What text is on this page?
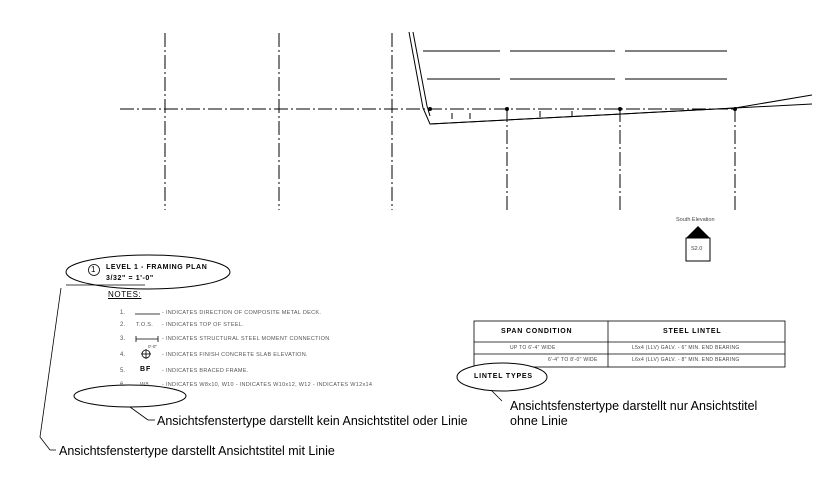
1 LEVEL 1 - FRAMING PLAN
3/32" = 1'-0"
NOTES:
1.	- INDICATES DIRECTION OF COMPOSITE METAL DECK.
2. T.O.S. - INDICATES TOP OF STEEL.
3.	- INDICATES STRUCTURAL STEEL MOMENT CONNECTION
0'-0"
4.	- INDICATES FINISH CONCRETE SLAB ELEVATION.
5. BF - INDICATES BRACED FRAME.
6.	W8 - INDICATES W8x10, W10 - INDICATES W10x12, W12 - INDICATES W12x14
South Elevation
S2.0
SPAN CONDITION	STEEL LINTEL
UP TO 6'-4" WIDE	L5x4 (LLV) GALV. - 6" MIN. END BEARING
6'-4" TO 8'-0" WIDE	L6x4 (LLV) GALV. - 8" MIN. END BEARING
LINTEL TYPES
Ansichtsfenstertype darstellt kein Ansichtstitel oder Linie
Ansichtsfenstertype darstellt nur Ansichtstitel
ohne Linie
Ansichtsfenstertype darstellt Ansichtstitel mit Linie
